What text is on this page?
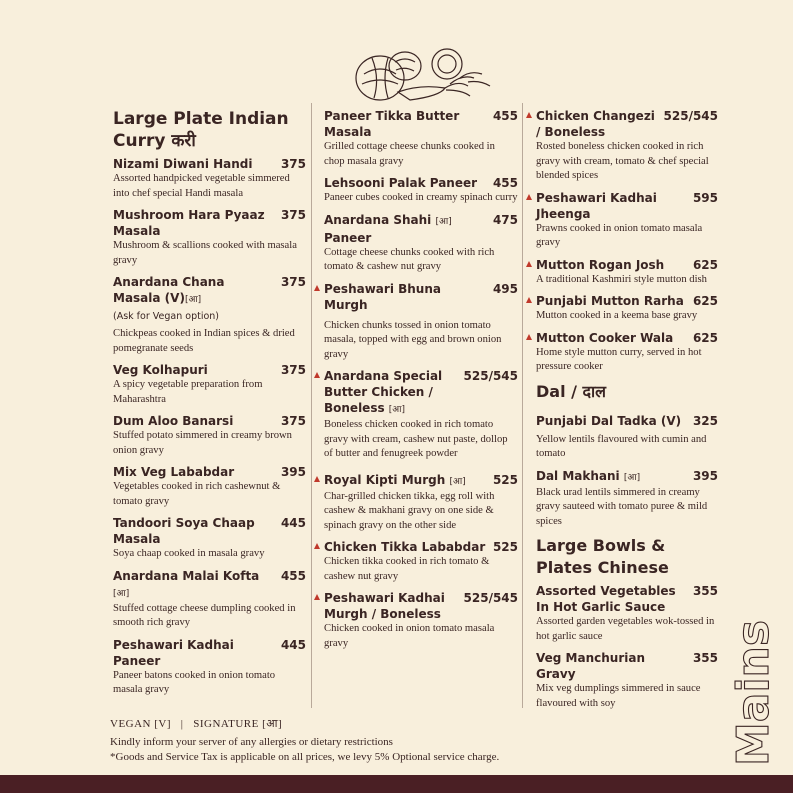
Large Plate Indian Curry करी
Nizami Diwani Handi	375
Assorted handpicked vegetable simmered into chef special Handi masala
Mushroom Hara Pyaaz Masala
375
Mushroom & scallions cooked with masala gravy
Anardana Chana Masala (V)[आ]
375
(Ask for Vegan option)
Chickpeas cooked in Indian spices & dried pomegranate seeds
Veg Kolhapuri	375
A spicy vegetable preparation from Maharashtra
Dum Aloo Banarsi	375
Stuffed potato simmered in creamy brown onion gravy
Mix Veg Lababdar	395
Vegetables cooked in rich cashewnut & tomato gravy
Tandoori Soya Chaap Masala
445
Soya chaap cooked in masala gravy
Anardana Malai Kofta [आ]
455
Stuffed cottage cheese dumpling cooked in smooth rich gravy
Peshawari Kadhai Paneer
445
Paneer batons cooked in onion tomato masala gravy
Paneer Tikka Butter Masala
455
Grilled cottage cheese chunks cooked in chop masala gravy
Lehsooni Palak Paneer	455
Paneer cubes cooked in creamy spinach curry
Anardana Shahi [आ]
Paneer
475
Cottage cheese chunks cooked with rich tomato & cashew nut gravy
Peshawari Bhuna Murgh
495
Chicken chunks tossed in onion tomato masala, topped with egg and brown onion gravy
Anardana Special Butter Chicken / Boneless [आ]
525/545
Boneless chicken cooked in rich tomato gravy with cream, cashew nut paste, dollop of butter and fenugreek powder
Royal Kipti Murgh [आ]	525
Char-grilled chicken tikka, egg roll with cashew & makhani gravy on one side & spinach gravy on the other side
Chicken Tikka Lababdar 525
Chicken tikka cooked in rich tomato & cashew nut gravy
Peshawari Kadhai Murgh / Boneless
525/545
Chicken cooked in onion tomato masala gravy
Chicken Changezi / Boneless
525/545
Rosted boneless chicken cooked in rich gravy with cream, tomato & chef special blended spices
Peshawari Kadhai Jheenga
595
Prawns cooked in onion tomato masala gravy
Mutton Rogan Josh	625
A traditional Kashmiri style mutton dish
Punjabi Mutton Rarha 625
Mutton cooked in a keema base gravy
Mutton Cooker Wala	625
Home style mutton curry, served in hot pressure cooker
Dal / दाल
Punjabi Dal Tadka (V) 325
Yellow lentils flavoured with cumin and tomato
Dal Makhani [आ]	395
Black urad lentils simmered in creamy gravy sauteed with tomato puree & mild spices
Large Bowls & Plates Chinese
Assorted Vegetables In Hot Garlic Sauce
355
Assorted garden vegetables wok-tossed in hot garlic sauce
Veg Manchurian Gravy
355
Mix veg dumplings simmered in sauce flavoured with soy
VEGAN [V] | SIGNATURE [आ]
Kindly inform your server of any allergies or dietary restrictions
*Goods and Service Tax is applicable on all prices, we levy 5% Optional service charge.	Mains
